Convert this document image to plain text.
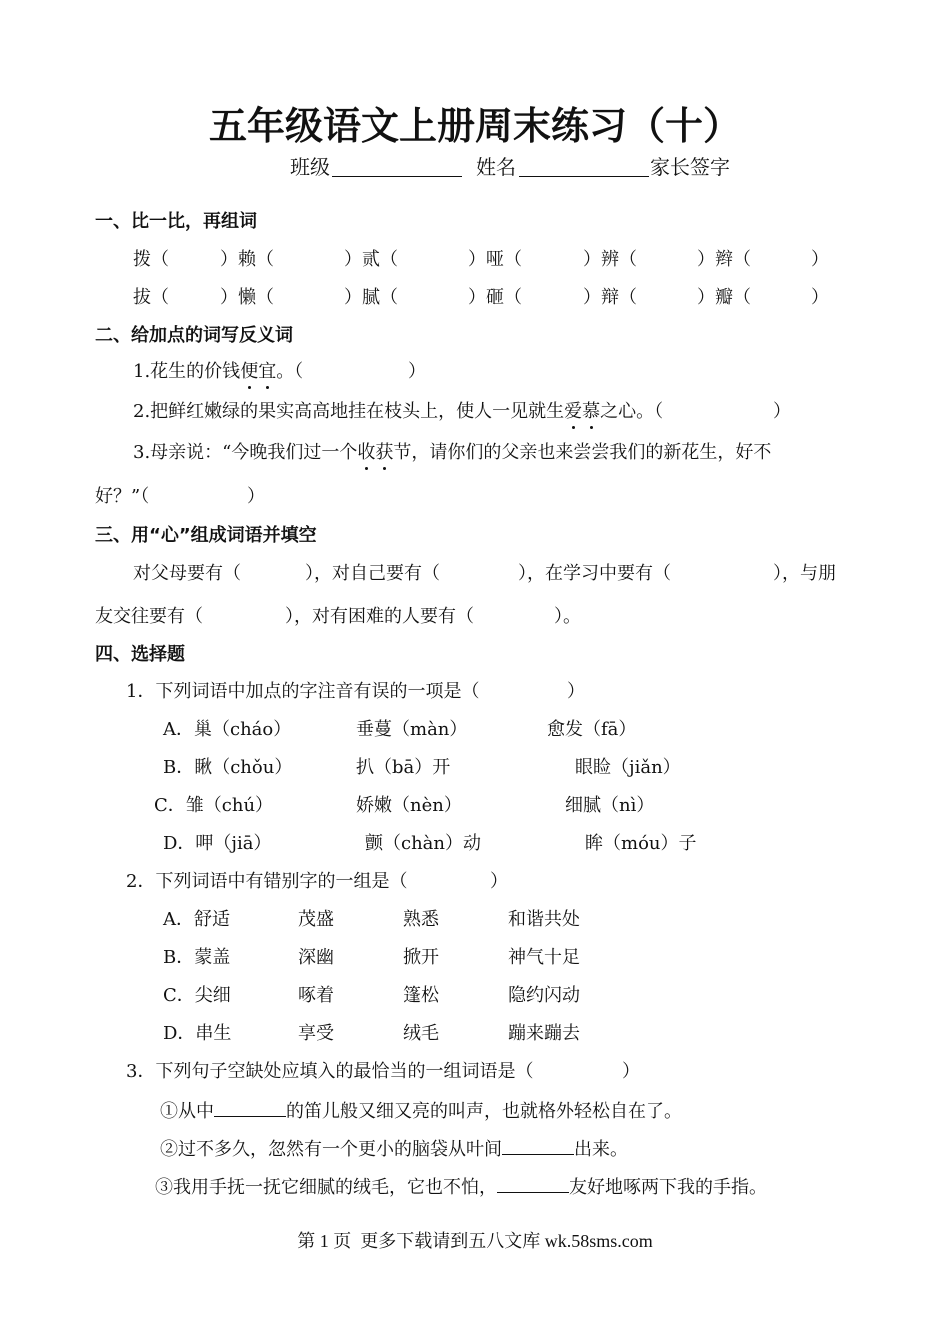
五年级语文上册周末练习（十）
班级	姓名	家长签字
一、比一比，再组词
拨（	）赖（	）贰（	）哑（	）辨（	）辫（	）
拔（	）懒（	）腻（	）砸（	）辩（	）瓣（	）
二、给加点的词写反义词
1.花生的价钱便宜。（	）
2.把鲜红嫩绿的果实高高地挂在枝头上，使人一见就生爱慕之心。（	）
3.母亲说：“今晚我们过一个收获节，请你们的父亲也来尝尝我们的新花生，好不
好？”（	）
三、用“心”组成词语并填空
对父母要有（	），对自己要有（	），在学习中要有（	），与朋
友交往要有（	），对有困难的人要有（	）。
四、选择题
1．下列词语中加点的字注音有误的一项是（	）
A．巢（cháo）	垂蔓（màn）	愈发（fā）
B．瞅（chǒu）	扒（bā）开	眼睑（jiǎn）
C．雏（chú）	娇嫩（nèn）	细腻（nì）
D．呷（jiā）	颤（chàn）动	眸（móu）子
2．下列词语中有错别字的一组是（	）
A．舒适	茂盛	熟悉	和谐共处
B．蒙盖	深幽	掀开	神气十足
C．尖细	啄着	篷松	隐约闪动
D．串生	享受	绒毛	蹦来蹦去
3．下列句子空缺处应填入的最恰当的一组词语是（	）
①从中	的笛儿般又细又亮的叫声，也就格外轻松自在了。
②过不多久，忽然有一个更小的脑袋从叶间	出来。
③我用手抚一抚它细腻的绒毛，它也不怕，	友好地啄两下我的手指。
第 1 页  更多下载请到五八文库 wk.58sms.com
